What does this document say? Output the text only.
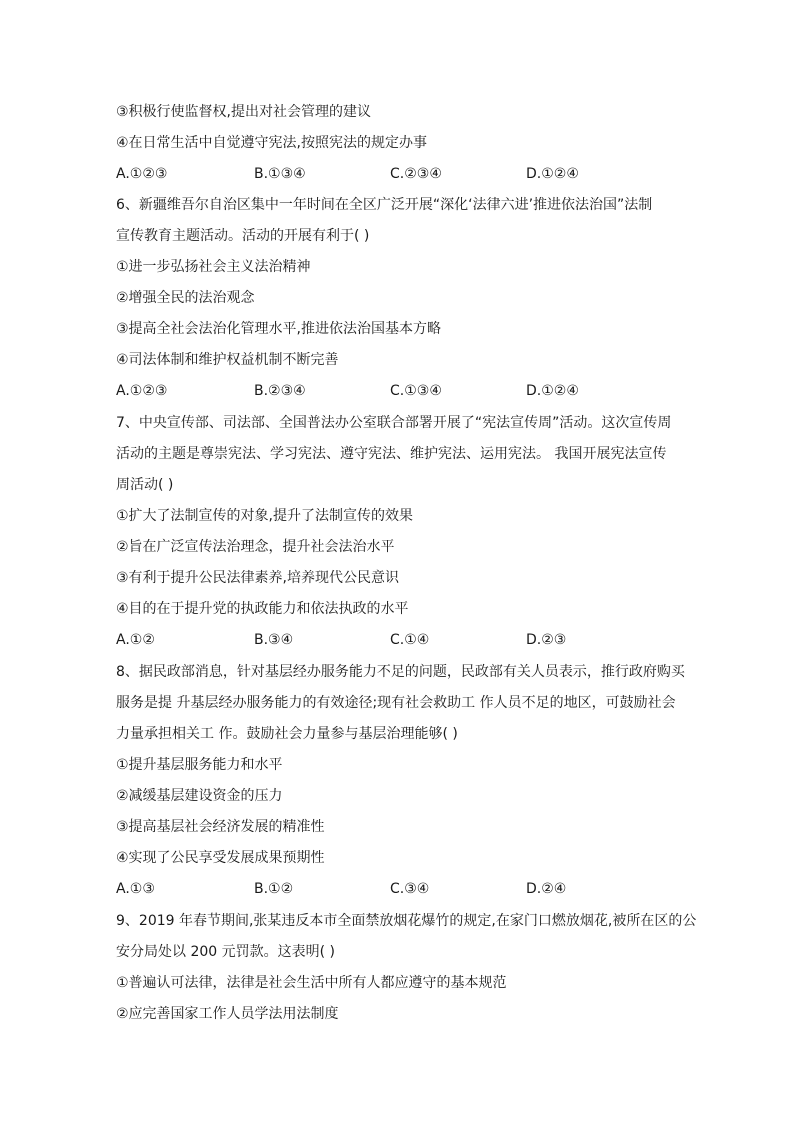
③积极行使监督权,提出对社会管理的建议
④在日常生活中自觉遵守宪法,按照宪法的规定办事
A.①②③	B.①③④	C.②③④	D.①②④
6、新疆维吾尔自治区集中一年时间在全区广泛开展“深化‘法律六进’推进依法治国”法制
宣传教育主题活动。活动的开展有利于( )
①进一步弘扬社会主义法治精神
②增强全民的法治观念
③提高全社会法治化管理水平,推进依法治国基本方略
④司法体制和维护权益机制不断完善
A.①②③	B.②③④	C.①③④	D.①②④
7、中央宣传部、司法部、全国普法办公室联合部署开展了“宪法宣传周”活动。这次宣传周
活动的主题是尊崇宪法、学习宪法、遵守宪法、维护宪法、运用宪法。 我国开展宪法宣传
周活动( )
①扩大了法制宣传的对象,提升了法制宣传的效果
②旨在广泛宣传法治理念，提升社会法治水平
③有利于提升公民法律素养,培养现代公民意识
④目的在于提升党的执政能力和依法执政的水平
A.①②	B.③④	C.①④	D.②③
8、据民政部消息，针对基层经办服务能力不足的问题，民政部有关人员表示，推行政府购买
服务是提 升基层经办服务能力的有效途径;现有社会救助工 作人员不足的地区，可鼓励社会
力量承担相关工 作。鼓励社会力量参与基层治理能够( )
①提升基层服务能力和水平
②减缓基层建设资金的压力
③提高基层社会经济发展的精准性
④实现了公民享受发展成果预期性
A.①③	B.①②	C.③④	D.②④
9、2019 年春节期间,张某违反本市全面禁放烟花爆竹的规定,在家门口燃放烟花,被所在区的公
安分局处以 200 元罚款。这表明( )
①普遍认可法律，法律是社会生活中所有人都应遵守的基本规范
②应完善国家工作人员学法用法制度
